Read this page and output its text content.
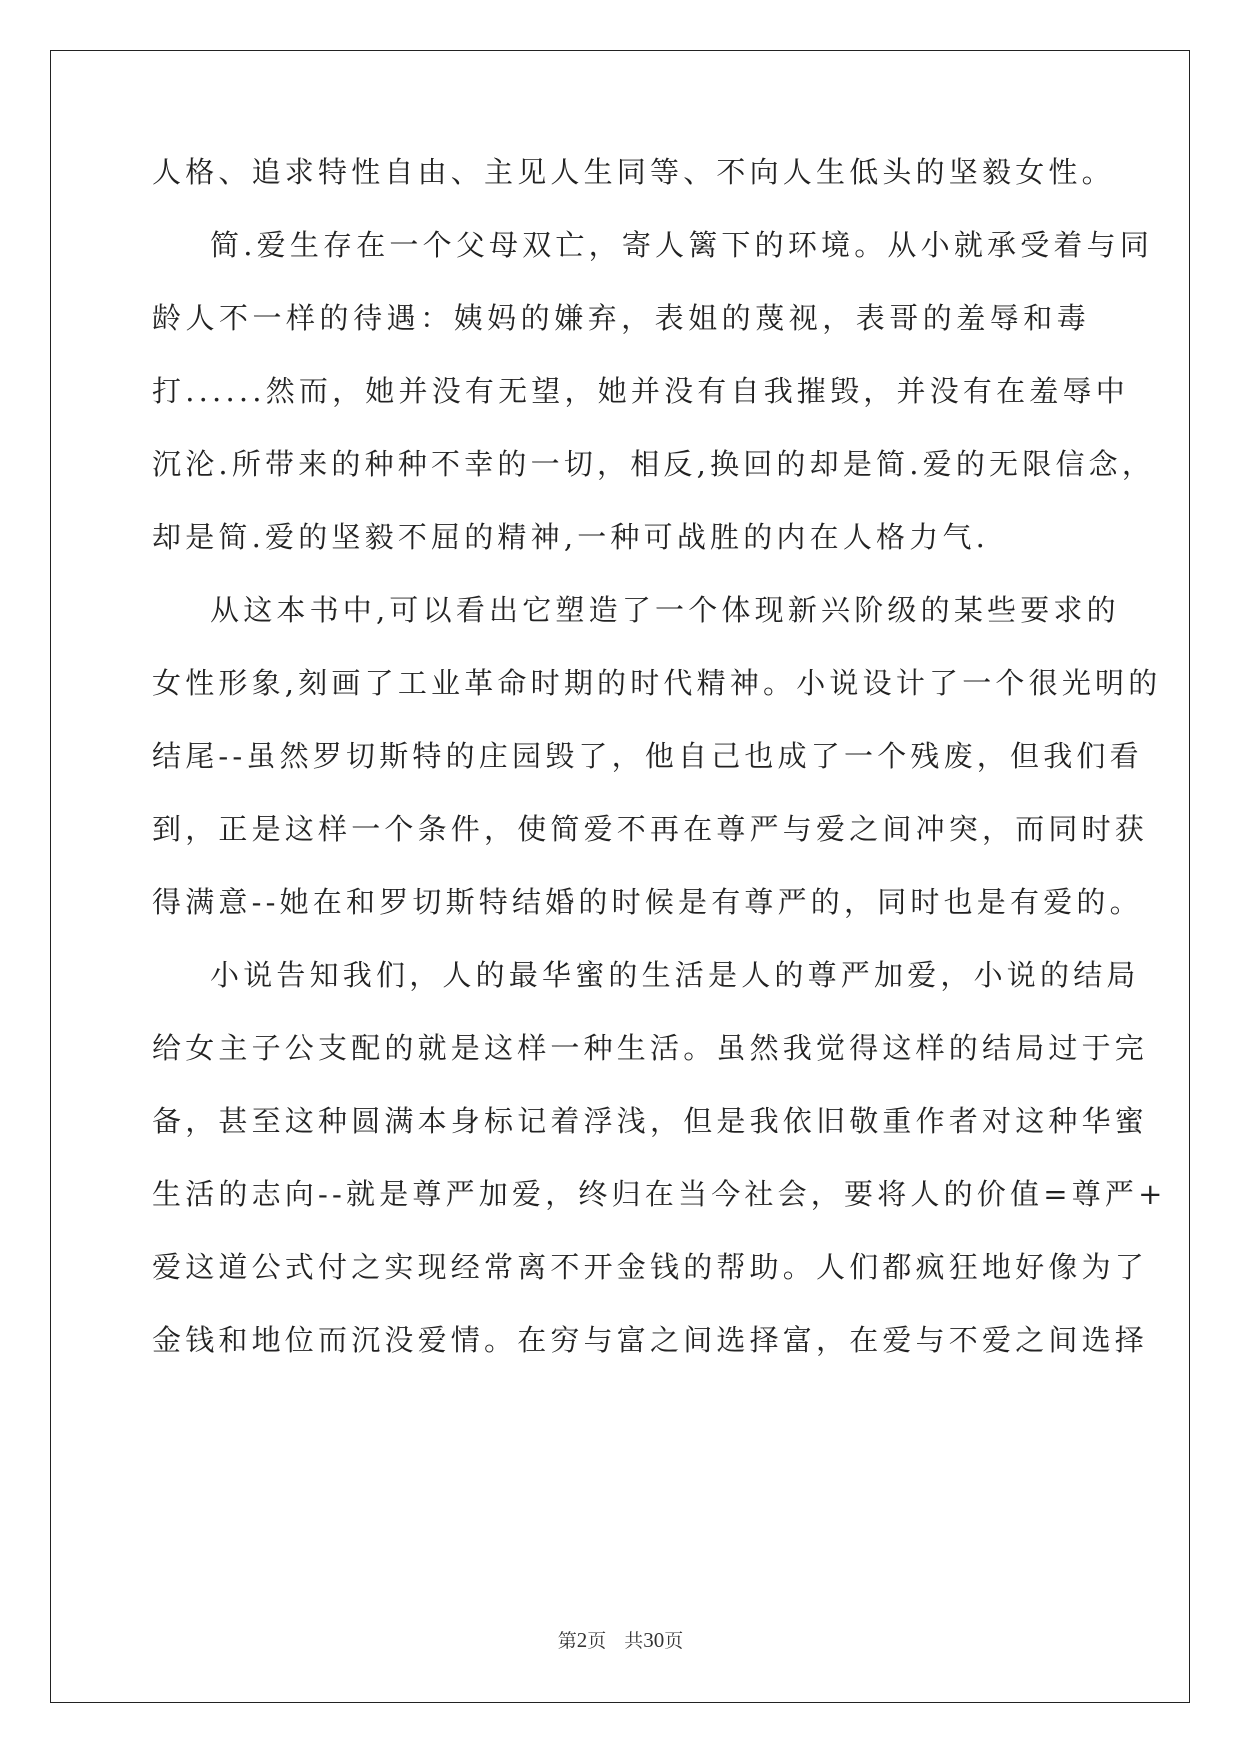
人格、追求特性自由、主见人生同等、不向人生低头的坚毅女性。
简.爱生存在一个父母双亡，寄人篱下的环境。从小就承受着与同
龄人不一样的待遇：姨妈的嫌弃，表姐的蔑视，表哥的羞辱和毒
打......然而，她并没有无望，她并没有自我摧毁，并没有在羞辱中
沉沦.所带来的种种不幸的一切，相反,换回的却是简.爱的无限信念，
却是简.爱的坚毅不屈的精神,一种可战胜的内在人格力气.
从这本书中,可以看出它塑造了一个体现新兴阶级的某些要求的
女性形象,刻画了工业革命时期的时代精神。小说设计了一个很光明的
结尾--虽然罗切斯特的庄园毁了，他自己也成了一个残废，但我们看
到，正是这样一个条件，使简爱不再在尊严与爱之间冲突，而同时获
得满意--她在和罗切斯特结婚的时候是有尊严的，同时也是有爱的。
小说告知我们，人的最华蜜的生活是人的尊严加爱，小说的结局
给女主子公支配的就是这样一种生活。虽然我觉得这样的结局过于完
备，甚至这种圆满本身标记着浮浅，但是我依旧敬重作者对这种华蜜
生活的志向--就是尊严加爱，终归在当今社会，要将人的价值=尊严+
爱这道公式付之实现经常离不开金钱的帮助。人们都疯狂地好像为了
金钱和地位而沉没爱情。在穷与富之间选择富，在爱与不爱之间选择
第2页 共30页
